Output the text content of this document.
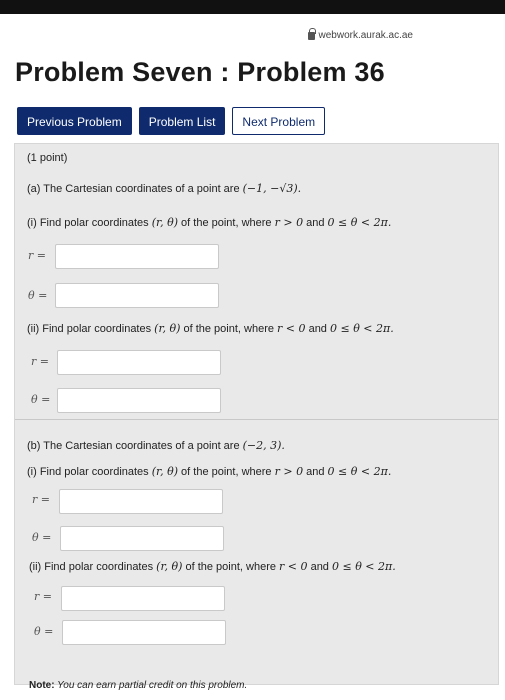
webwork.aurak.ac.ae
Problem Seven : Problem 36
Previous Problem	Problem List	Next Problem
(1 point)
(a) The Cartesian coordinates of a point are (−1, −√3).
(i) Find polar coordinates (r, θ) of the point, where r > 0 and 0 ≤ θ < 2π.
r =
θ =
(ii) Find polar coordinates (r, θ) of the point, where r < 0 and 0 ≤ θ < 2π.
r =
θ =
(b) The Cartesian coordinates of a point are (−2, 3).
(i) Find polar coordinates (r, θ) of the point, where r > 0 and 0 ≤ θ < 2π.
r =
θ =
(ii) Find polar coordinates (r, θ) of the point, where r < 0 and 0 ≤ θ < 2π.
r =
θ =
Note: You can earn partial credit on this problem.
